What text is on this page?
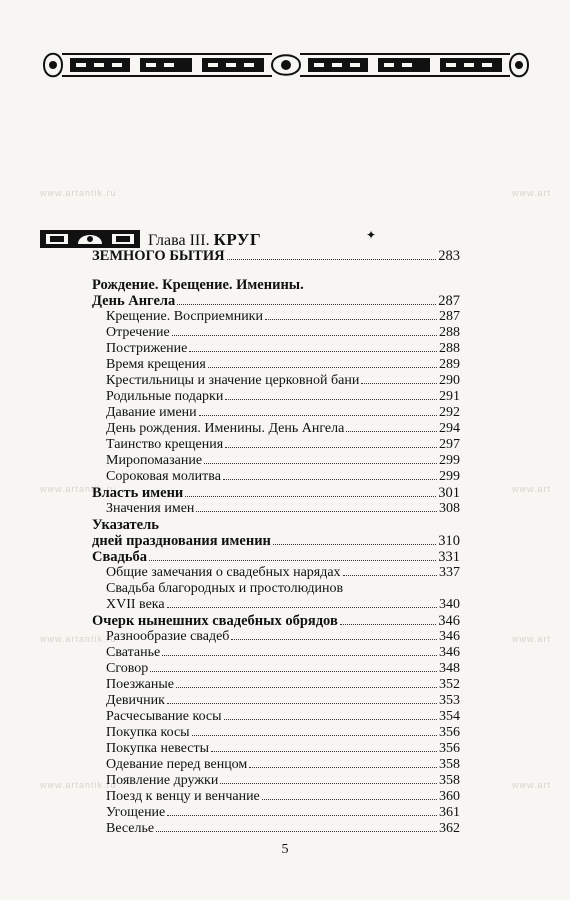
www.artantik.ru	www.art
www.artantik.ru	www.art
www.artantik.ru	www.art
www.artantik.ru	www.art
Глава III. КРУГ	✦
ЗЕМНОГО БЫТИЯ	283
Рождение. Крещение. Именины.
День Ангела	287
Крещение. Восприемники	287
Отречение	288
Пострижение	288
Время крещения	289
Крестильницы и значение церковной бани	290
Родильные подарки	291
Давание имени	292
День рождения. Именины. День Ангела	294
Таинство крещения	297
Миропомазание	299
Сороковая молитва	299
Власть имени	301
Значения имен	308
Указатель
дней празднования именин	310
Свадьба	331
Общие замечания о свадебных нарядах	337
Свадьба благородных и простолюдинов
XVII века	340
Очерк нынешних свадебных обрядов	346
Разнообразие свадеб	346
Сватанье	346
Сговор	348
Поезжаные	352
Девичник	353
Расчесывание косы	354
Покупка косы	356
Покупка невесты	356
Одевание перед венцом	358
Появление дружки	358
Поезд к венцу и венчание	360
Угощение	361
Веселье	362
5
